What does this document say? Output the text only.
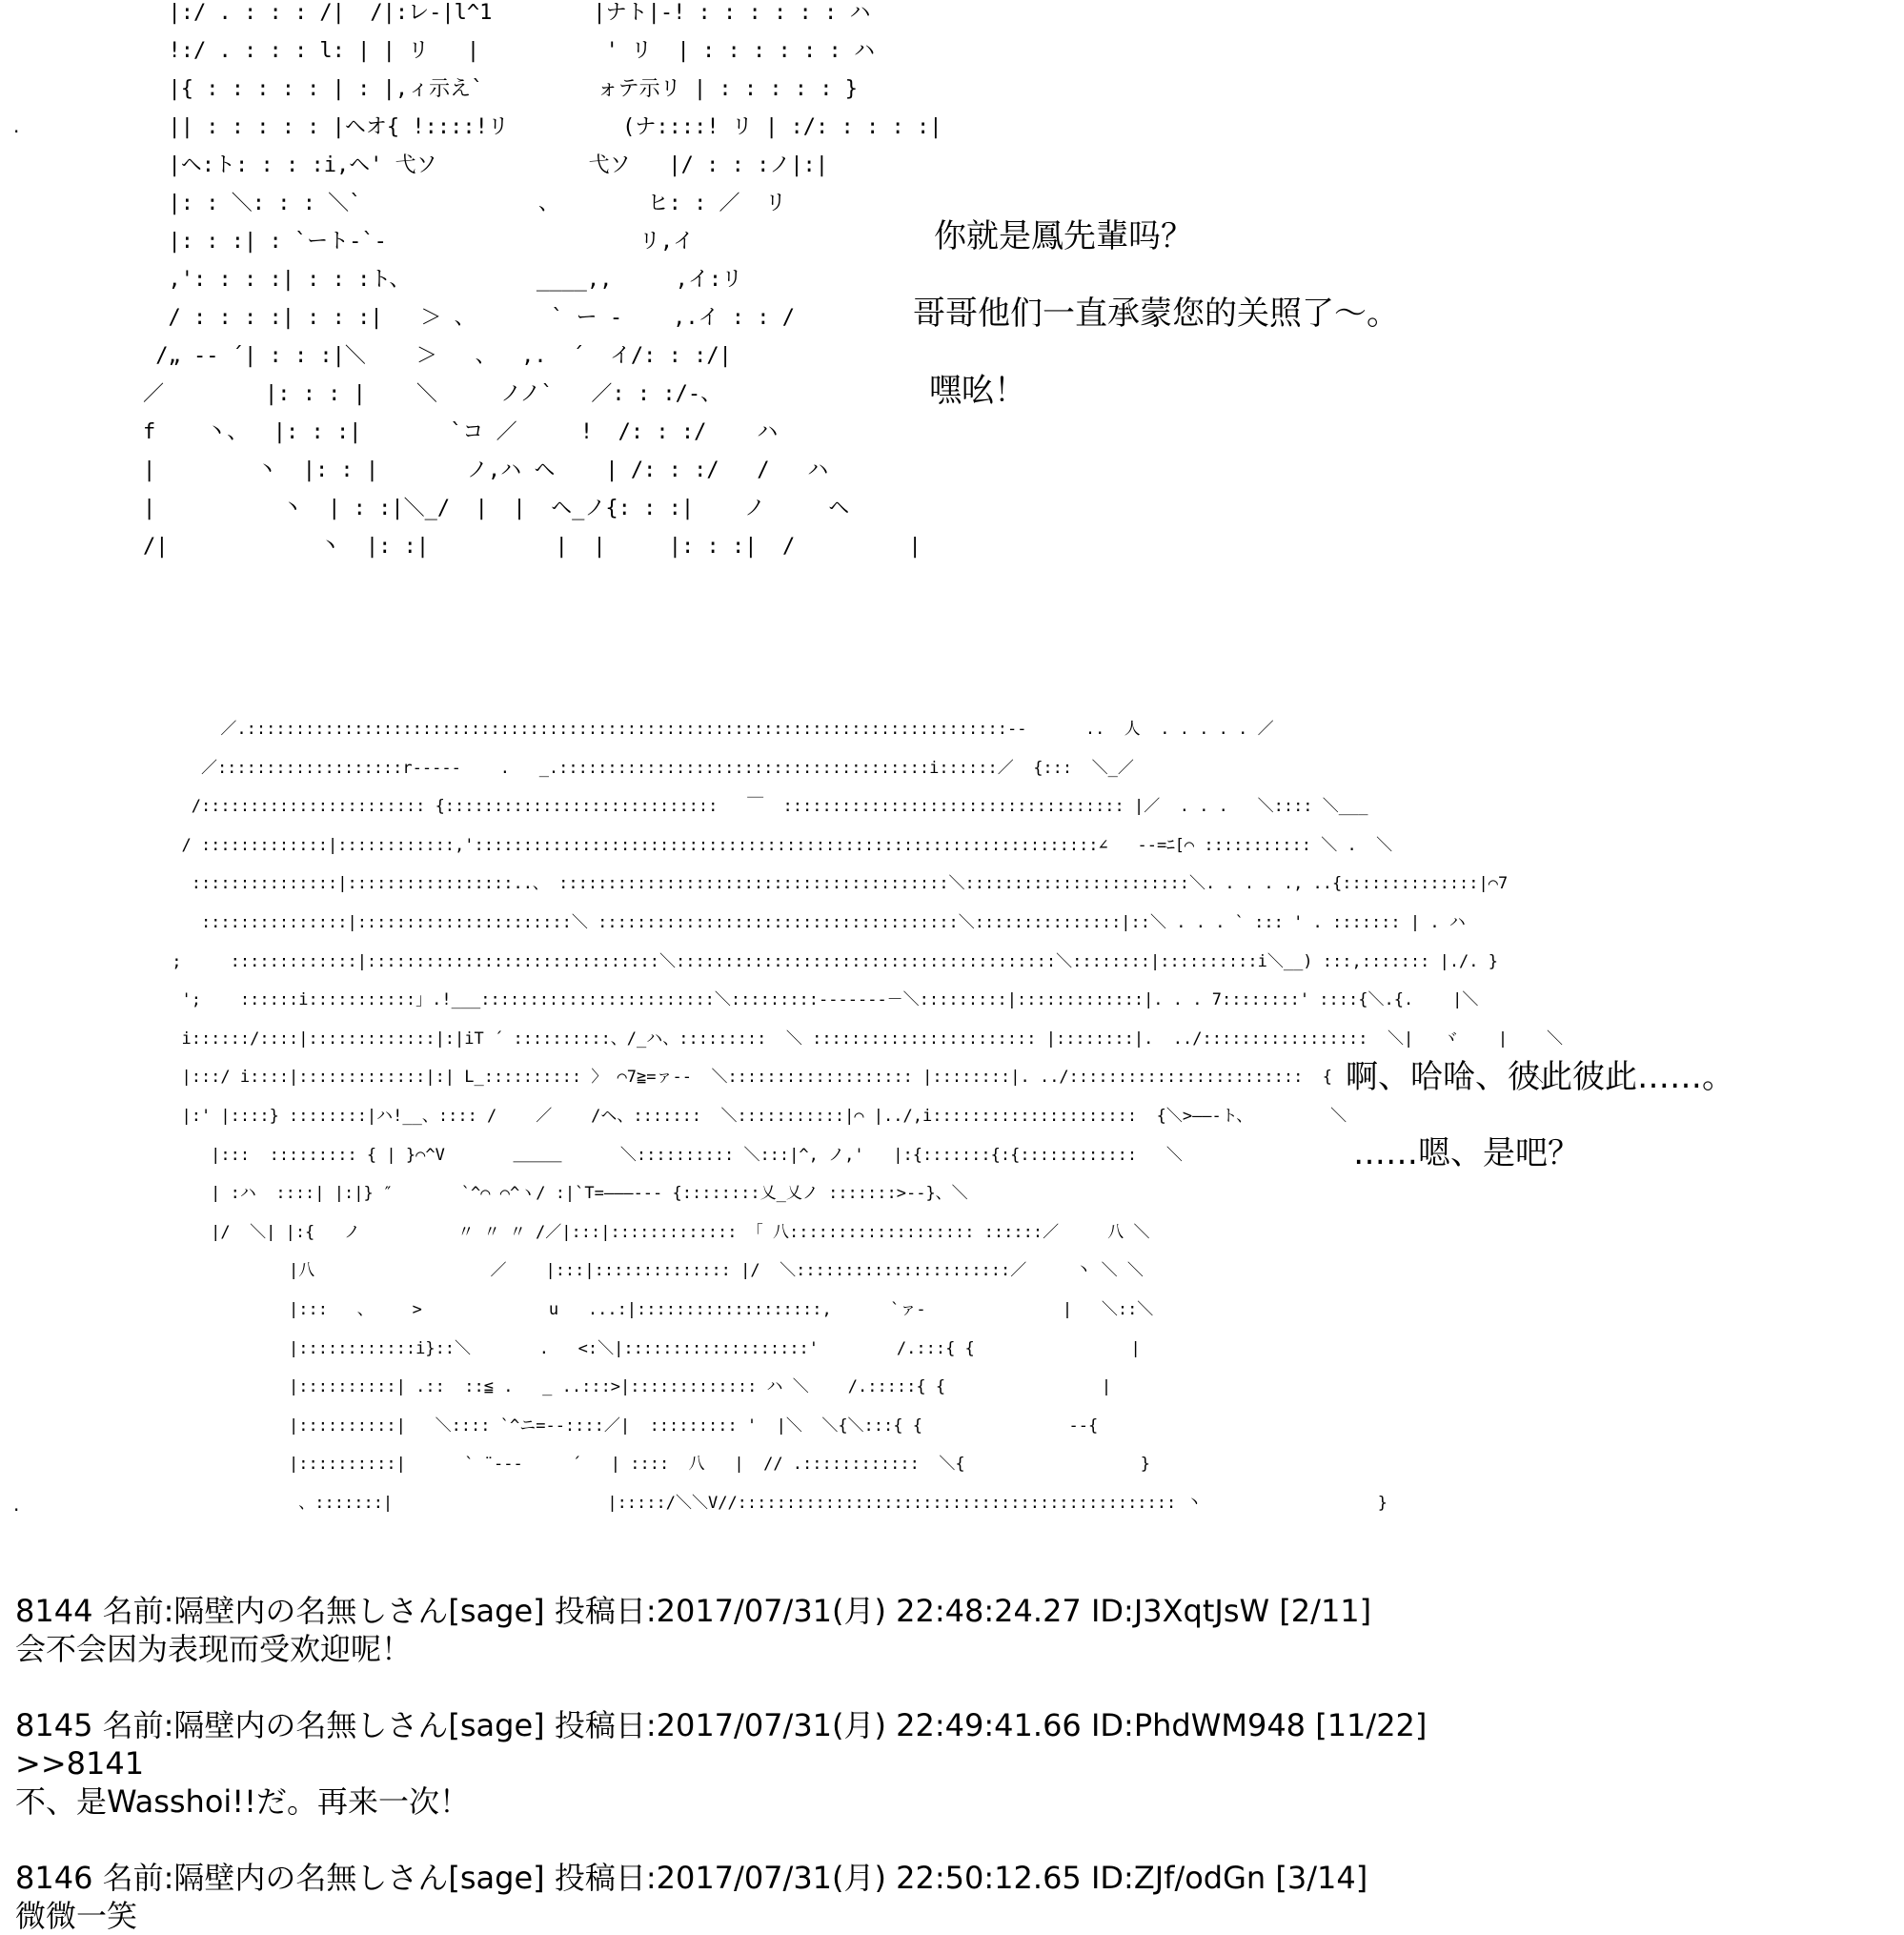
|:/ . : : : /|  /|:レ-|l^1        |ナト|-! : : : : : : ハ
!:/ . : : : l: | | リ   |          ' リ  | : : : : : : ハ
|{ : : : : : | : |,ィ示え`         ォテ示リ | : : : : : }
|| : : : : : |ヘオ{ !::::!リ         (ナ::::! リ | :/: : : : :|
|ヘ:ト: : : :i,ヘ' 弋ソ            弋ソ   |/ : : :ノ|:|
|: : ＼: : : ＼`              、       ヒ: : ／  リ
|: : :| : `ート-`-                    リ,イ
,': : : :| : : :ト、          ____,,     ,イ:リ
/ : : : :| : : :|   ＞ 、      ` ー -    ,.イ : : /
/„ -‐ ´| : : :|＼    ＞   、  ,.  ´  イ/: : :/|
／        |: : : |    ＼     ノノ`   ／: : :/-、
f    丶、  |: : :|       `コ ／     !  /: : :/    ハ
|        丶  |: : |       ノ,ハ ヘ    | /: : :/   /   ハ
|          丶  | : :|＼_/  |  |  ヘ_ノ{: : :|    ノ     ヘ
/|            丶  |: :|          |  |     |: : :|  /         |
你就是鳳先輩吗？
哥哥他们一直承蒙您的关照了～。
嘿吆！
.
／.::::::::::::::::::::::::::::::::::::::::::::::::::::::::::::::::::::::::::::::-‐      ..  人  . . . . . ／
／:::::::::::::::::::r‐‐-‐-    .   _.::::::::::::::::::::::::::::::::::::::i::::::／  {:::  ＼_／
/::::::::::::::::::::::: {::::::::::::::::::::::::::::   ￣  ::::::::::::::::::::::::::::::::::: |／  . . .   ＼:::: ＼___
/ :::::::::::::|::::::::::::,'::::::::::::::::::::::::::::::::::::::::::::::::::::::::::::::::∠   -‐=ﾆ[⌒ ::::::::::: ＼ .  ＼
:::::::::::::::|:::::::::::::::::..、 ::::::::::::::::::::::::::::::::::::::::＼:::::::::::::::::::::::＼. . . . ., ..{::::::::::::::|⌒7
:::::::::::::::|::::::::::::::::::::::＼ :::::::::::::::::::::::::::::::::::::＼:::::::::::::::|::＼ . . . ` ::: ' . ::::::: | . ハ
;     :::::::::::::|::::::::::::::::::::::::::::::＼:::::::::::::::::::::::::::::::::::::::＼::::::::|::::::::::i＼__) :::,::::::: |./. }
';    ::::::i:::::::::::」.!___::::::::::::::::::::::::＼:::::::::‐‐-----－＼:::::::::|:::::::::::::|. . . 7::::::::' ::::{＼.{.    |＼
i::::::/::::|:::::::::::::|:|iT ´ ::::::::::、/_ハ、:::::::::  ＼ ::::::::::::::::::::::: |::::::::|.  ../:::::::::::::::::  ＼|   ヾ    |    ＼
|:::/ i::::|:::::::::::::|:| L_:::::::::: 〉 ⌒7≧=ァ‐-  ＼::::::::::::::::::: |::::::::|. ../::::::::::::::::::::::::  {             |      ＼
|:' |::::} ::::::::|ハ!__、:::: /    ／    /ヘ、:::::::  ＼:::::::::::|⌒ |../,i:::::::::::::::::::::  {＼>――‐ト、        ＼
|:::  ::::::::: { | }⌒^V       ＿＿＿      ＼:::::::::: ＼:::|^, ノ,'   |:{:::::::{:{::::::::::::   ＼
| :ハ  ::::| |:|} ″       `^⌒ ⌒^ヽ/ :|`T=―――--- {::::::::乂_乂ノ :::::::>--}、＼
|/  ＼| |:{   ノ          〃 〃 〃 /／|:::|::::::::::::: 「 八::::::::::::::::::: ::::::／     八 ＼
|八                  ／    |:::|:::::::::::::: |/  ＼::::::::::::::::::::::／     丶 ＼ ＼
|:::   、    >             u   ...:|:::::::::::::::::::,      `ァ-              |   ＼::＼
|::::::::::::i}::＼       .   <:＼|:::::::::::::::::::'        /.:::{ {                |
|::::::::::| .::  ::≦ .   _ ..:::>|::::::::::::: ハ ＼    /.:::::{ {                |
|::::::::::|   ＼:::: `^ニ=-‐::::／|  ::::::::: '  |＼  ＼{＼:::{ {               -‐{
|::::::::::|      ` ¨---     ´   | ::::  八   |  // .::::::::::::  ＼{                  }
、:::::::|                      |:::::/＼＼V//::::::::::::::::::::::::::::::::::::::::::::: 丶                  }
啊、哈哈、彼此彼此……。
……嗯、是吧？
.
8144 名前:隔壁内の名無しさん[sage] 投稿日:2017/07/31(月) 22:48:24.27 ID:J3XqtJsW [2/11]
会不会因为表现而受欢迎呢！
8145 名前:隔壁内の名無しさん[sage] 投稿日:2017/07/31(月) 22:49:41.66 ID:PhdWM948 [11/22]
>>8141
不、是Wasshoi!!だ。再来一次！
8146 名前:隔壁内の名無しさん[sage] 投稿日:2017/07/31(月) 22:50:12.65 ID:ZJf/odGn [3/14]
微微一笑
